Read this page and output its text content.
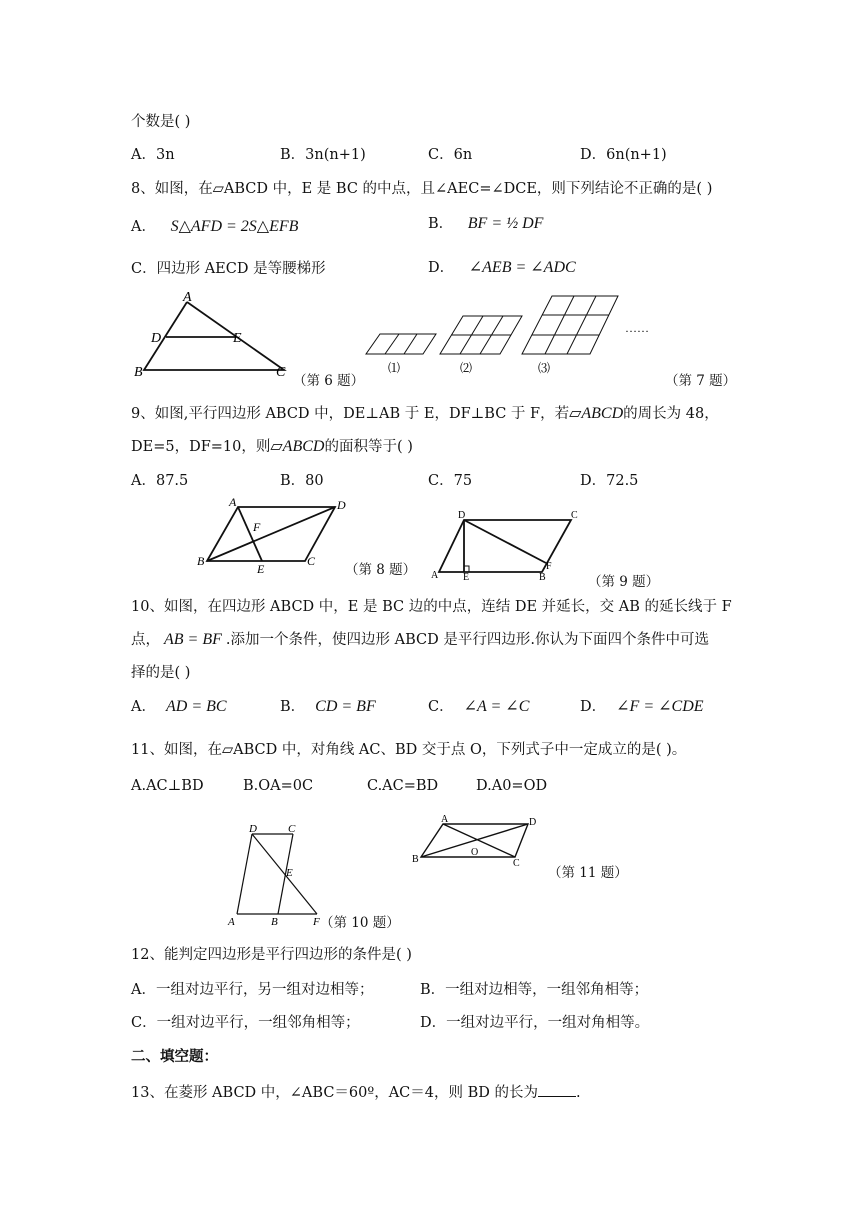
个数是( )
A．3n	B．3n(n+1)	C．6n	D．6n(n+1)
8、如图，在▱ABCD 中，E 是 BC 的中点，且∠AEC=∠DCE，则下列结论不正确的是( )
A． S△AFD = 2S△EFB	B． BF = ½ DF
C．四边形 AECD 是等腰梯形	D． ∠AEB = ∠ADC
A
D	E
B	C
（第 6 题）
……
⑴	⑵	⑶
（第 7 题）
9、如图,平行四边形 ABCD 中，DE⊥AB 于 E，DF⊥BC 于 F，若▱ABCD的周长为 48，
DE=5，DF=10，则▱ABCD的面积等于( )
A．87.5	B．80	C．75	D．72.5
A	D
F
B
E
C
（第 8 题）
D	C
A E	B
F
（第 9 题）
10、如图，在四边形 ABCD 中，E 是 BC 边的中点，连结 DE 并延长，交 AB 的延长线于 F
点， AB = BF .添加一个条件，使四边形 ABCD 是平行四边形.你认为下面四个条件中可选
择的是( )
A． AD = BC	B． CD = BF	C． ∠A = ∠C	D． ∠F = ∠CDE
11、如图，在▱ABCD 中，对角线 AC、BD 交于点 O，下列式子中一定成立的是( )。
A.AC⊥BD	B.OA=0C	C.AC=BD	D.A0=OD
D	C
E
A	B	F （第 10 题）
A	D
O
B	C
（第 11 题）
12、能判定四边形是平行四边形的条件是( )
A．一组对边平行，另一组对边相等；	B．一组对边相等，一组邻角相等；
C．一组对边平行，一组邻角相等；	D．一组对边平行，一组对角相等。
二、填空题：
13、在菱形 ABCD 中，∠ABC＝60º，AC＝4，则 BD 的长为	.
